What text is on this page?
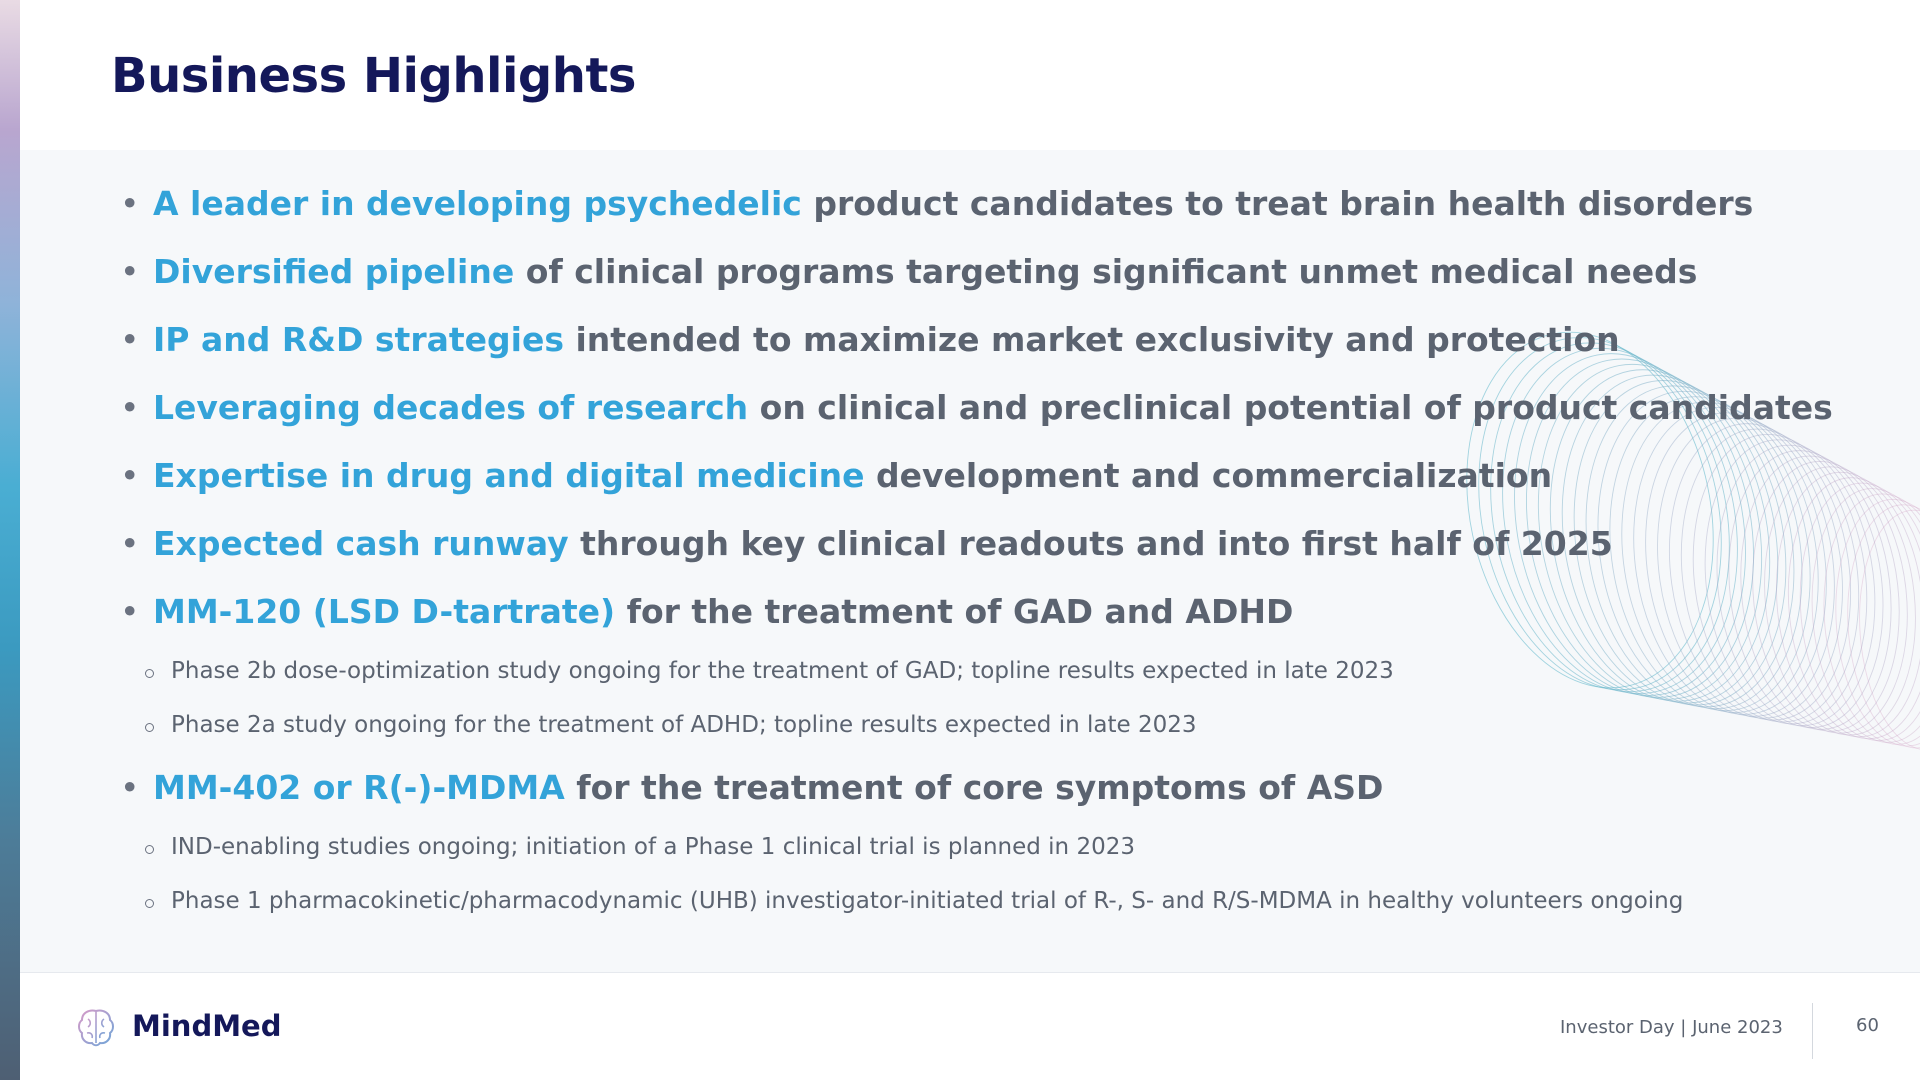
Business Highlights
• A leader in developing psychedelic product candidates to treat brain health disorders
• Diversified pipeline of clinical programs targeting significant unmet medical needs
• IP and R&D strategies intended to maximize market exclusivity and protection
• Leveraging decades of research on clinical and preclinical potential of product candidates
• Expertise in drug and digital medicine development and commercialization
• Expected cash runway through key clinical readouts and into first half of 2025
• MM-120 (LSD D-tartrate) for the treatment of GAD and ADHD
Phase 2b dose-optimization study ongoing for the treatment of GAD; topline results expected in late 2023
Phase 2a study ongoing for the treatment of ADHD; topline results expected in late 2023
• MM-402 or R(-)-MDMA for the treatment of core symptoms of ASD
IND-enabling studies ongoing; initiation of a Phase 1 clinical trial is planned in 2023
Phase 1 pharmacokinetic/pharmacodynamic (UHB) investigator-initiated trial of R-, S- and R/S-MDMA in healthy volunteers ongoing
MindMed	Investor Day | June 2023	60
